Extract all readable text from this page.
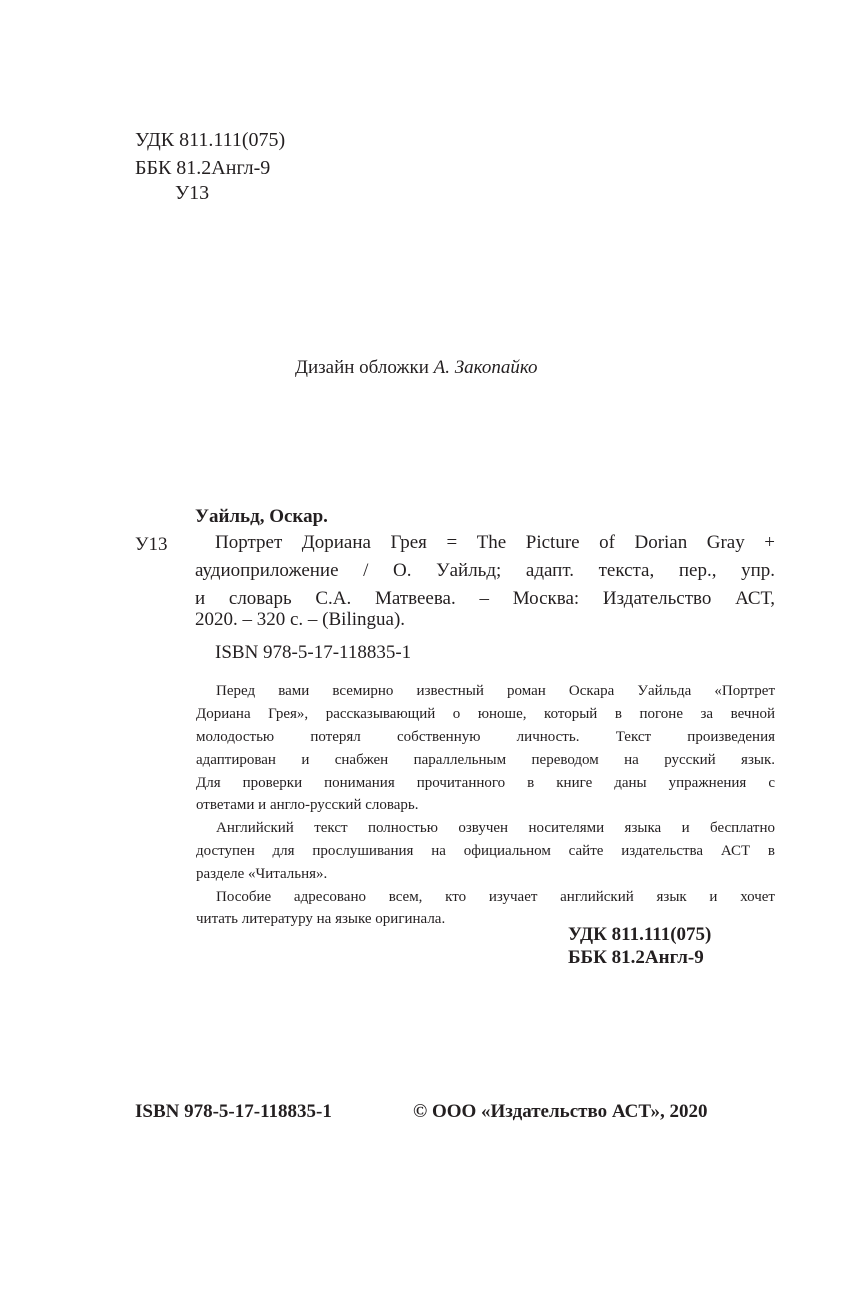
УДК 811.111(075)
ББК 81.2Англ-9
У13
Дизайн обложки А. Закопайко
Уайльд, Оскар.
У13	Портрет Дориана Грея = The Picture of Dorian Gray +
аудиоприложение / О. Уайльд; адапт. текста, пер., упр.
и словарь С.А. Матвеева. – Москва: Издательство АСТ,
2020. – 320 с. – (Bilingua).
ISBN 978-5-17-118835-1
Перед вами всемирно известный роман Оскара Уайльда «Портрет
Дориана Грея», рассказывающий о юноше, который в погоне за вечной
молодостью потерял собственную личность. Текст произведения
адаптирован и снабжен параллельным переводом на русский язык.
Для проверки понимания прочитанного в книге даны упражнения с
ответами и англо-русский словарь.
Английский текст полностью озвучен носителями языка и бесплатно
доступен для прослушивания на официальном сайте издательства АСТ в
разделе «Читальня».
Пособие адресовано всем, кто изучает английский язык и хочет
читать литературу на языке оригинала.
УДК 811.111(075)
ББК 81.2Англ-9
ISBN 978-5-17-118835-1	© ООО «Издательство АСТ», 2020
